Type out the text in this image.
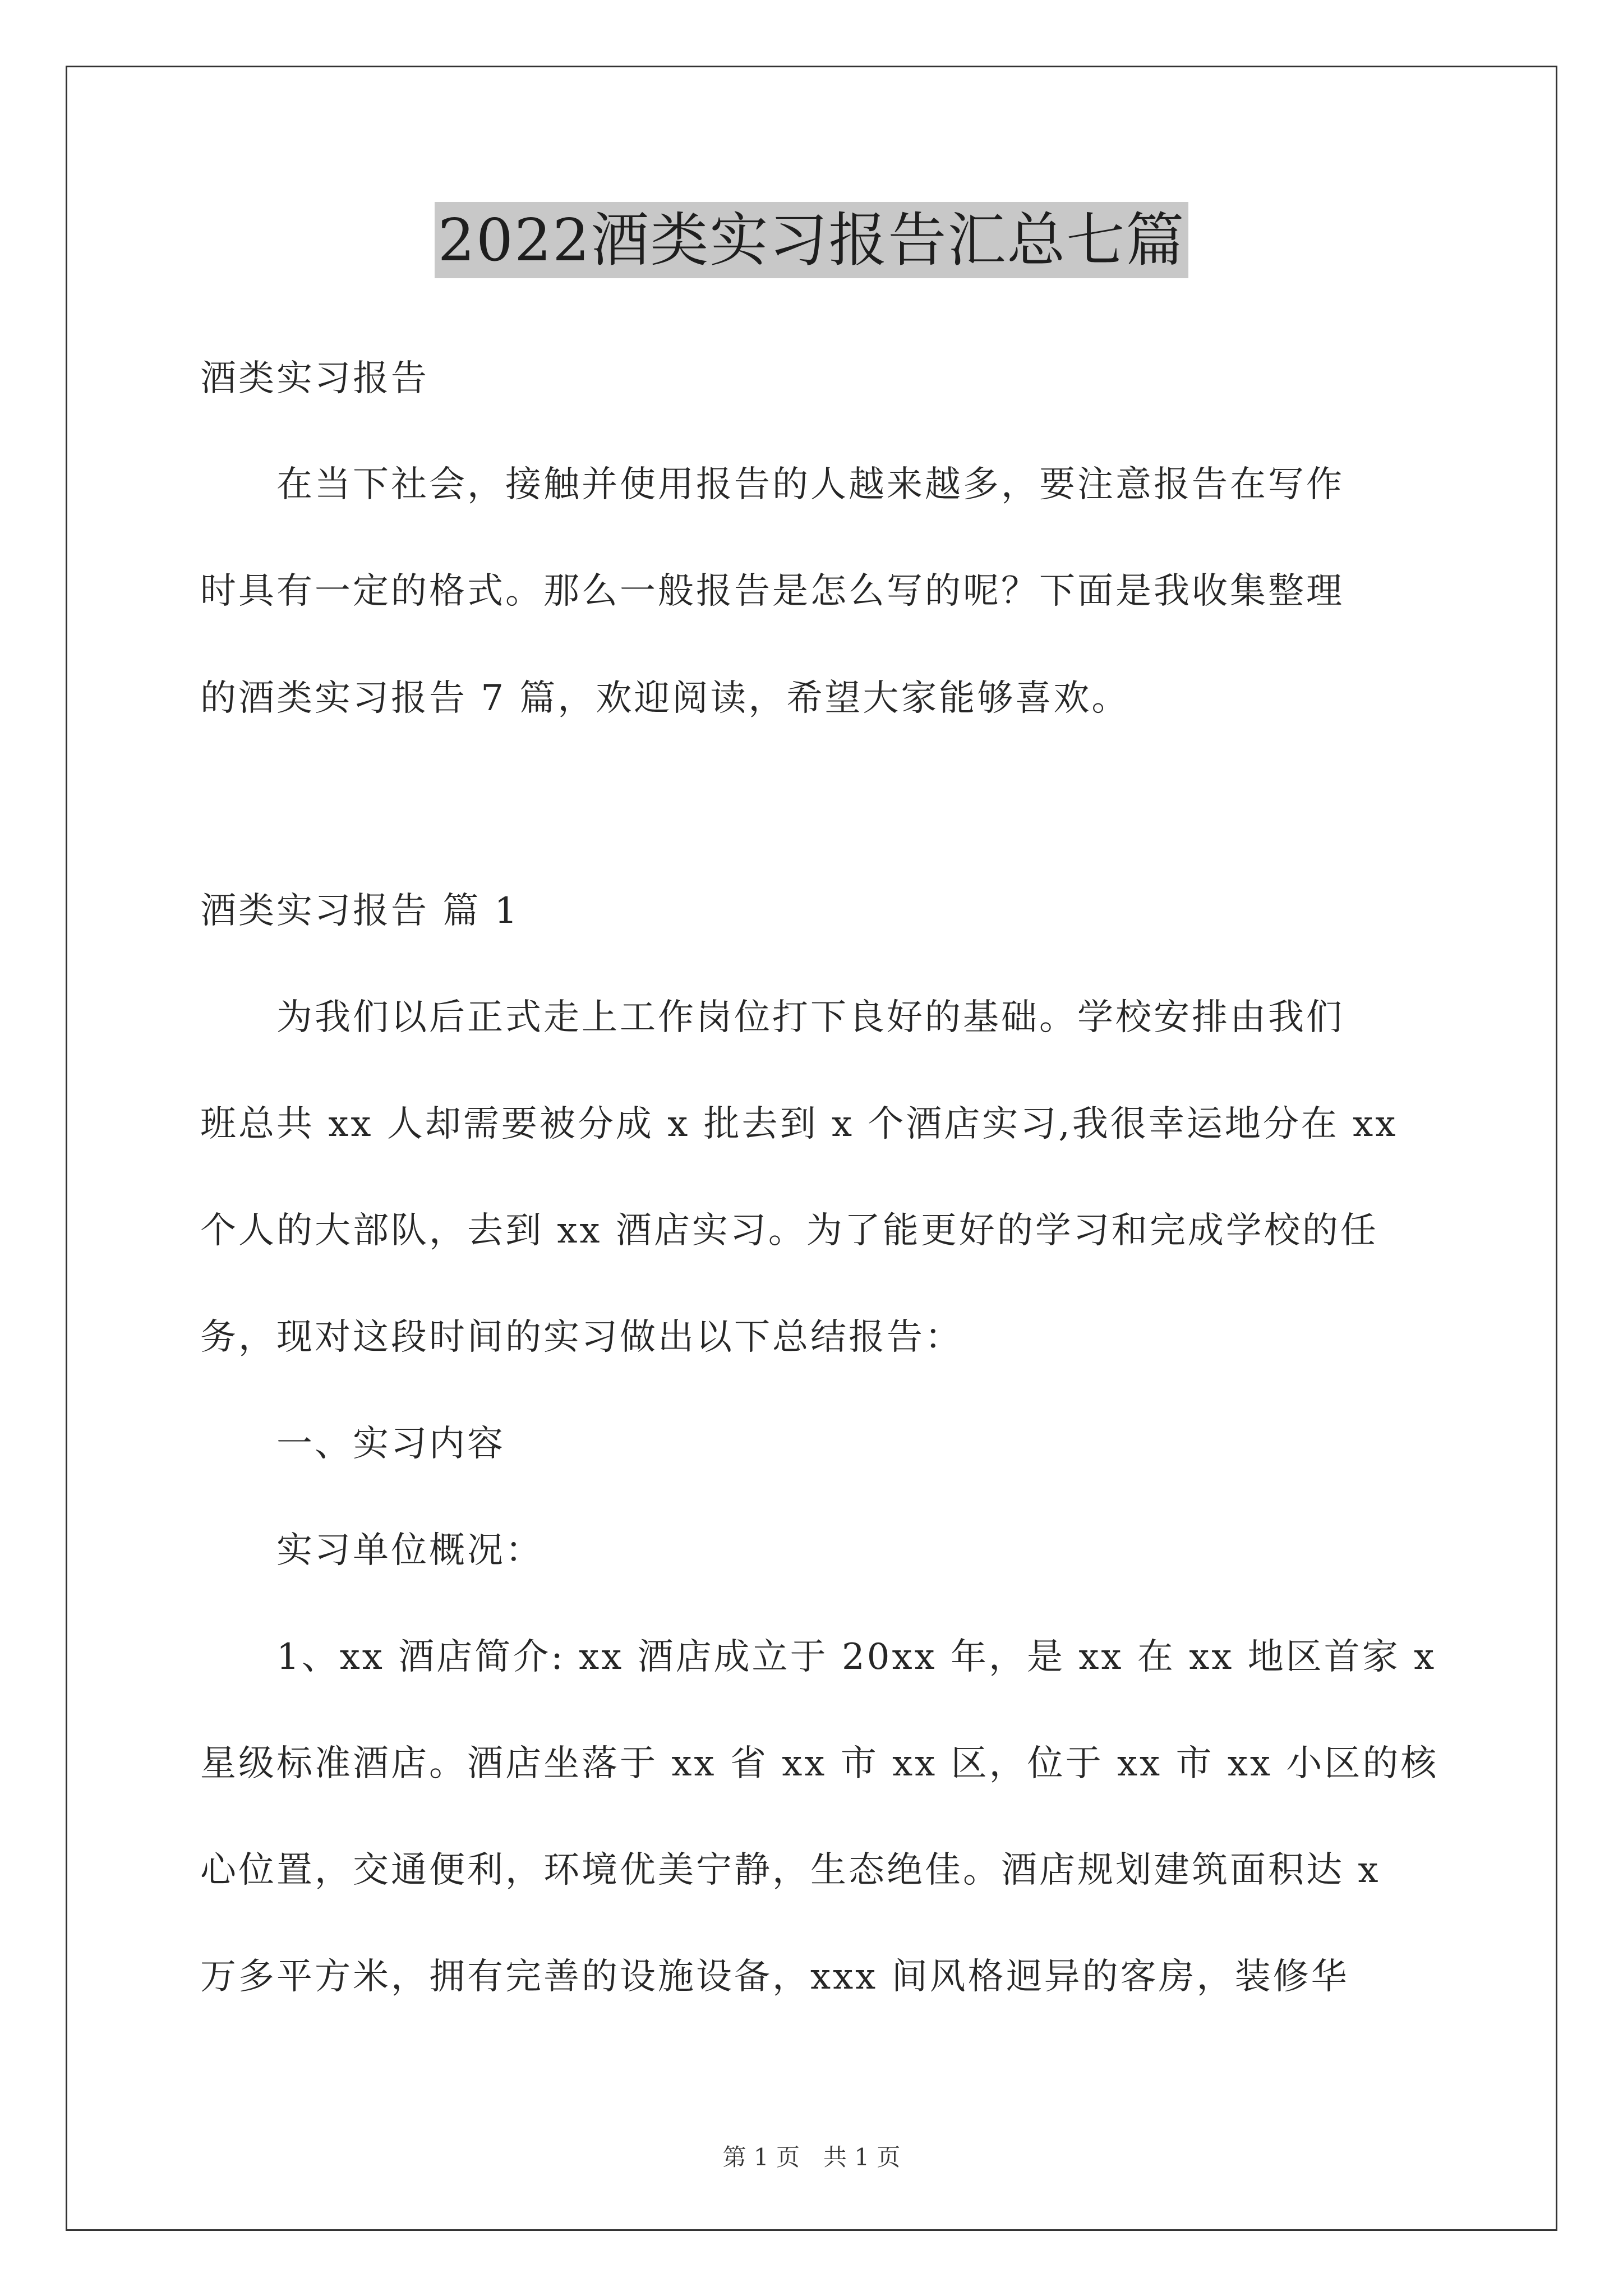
2022酒类实习报告汇总七篇
酒类实习报告
　　在当下社会，接触并使用报告的人越来越多，要注意报告在写作
时具有一定的格式。那么一般报告是怎么写的呢？下面是我收集整理
的酒类实习报告 7 篇，欢迎阅读，希望大家能够喜欢。
酒类实习报告 篇 1
　　为我们以后正式走上工作岗位打下良好的基础。学校安排由我们
班总共 xx 人却需要被分成 x 批去到 x 个酒店实习,我很幸运地分在 xx
个人的大部队，去到 xx 酒店实习。为了能更好的学习和完成学校的任
务，现对这段时间的实习做出以下总结报告：
　　一、实习内容
　　实习单位概况：
　　1、xx 酒店简介: xx 酒店成立于 20xx 年，是 xx 在 xx 地区首家 x
星级标准酒店。酒店坐落于 xx 省 xx 市 xx 区，位于 xx 市 xx 小区的核
心位置，交通便利，环境优美宁静，生态绝佳。酒店规划建筑面积达 x
万多平方米，拥有完善的设施设备，xxx 间风格迥异的客房，装修华
第 1 页　共 1 页
